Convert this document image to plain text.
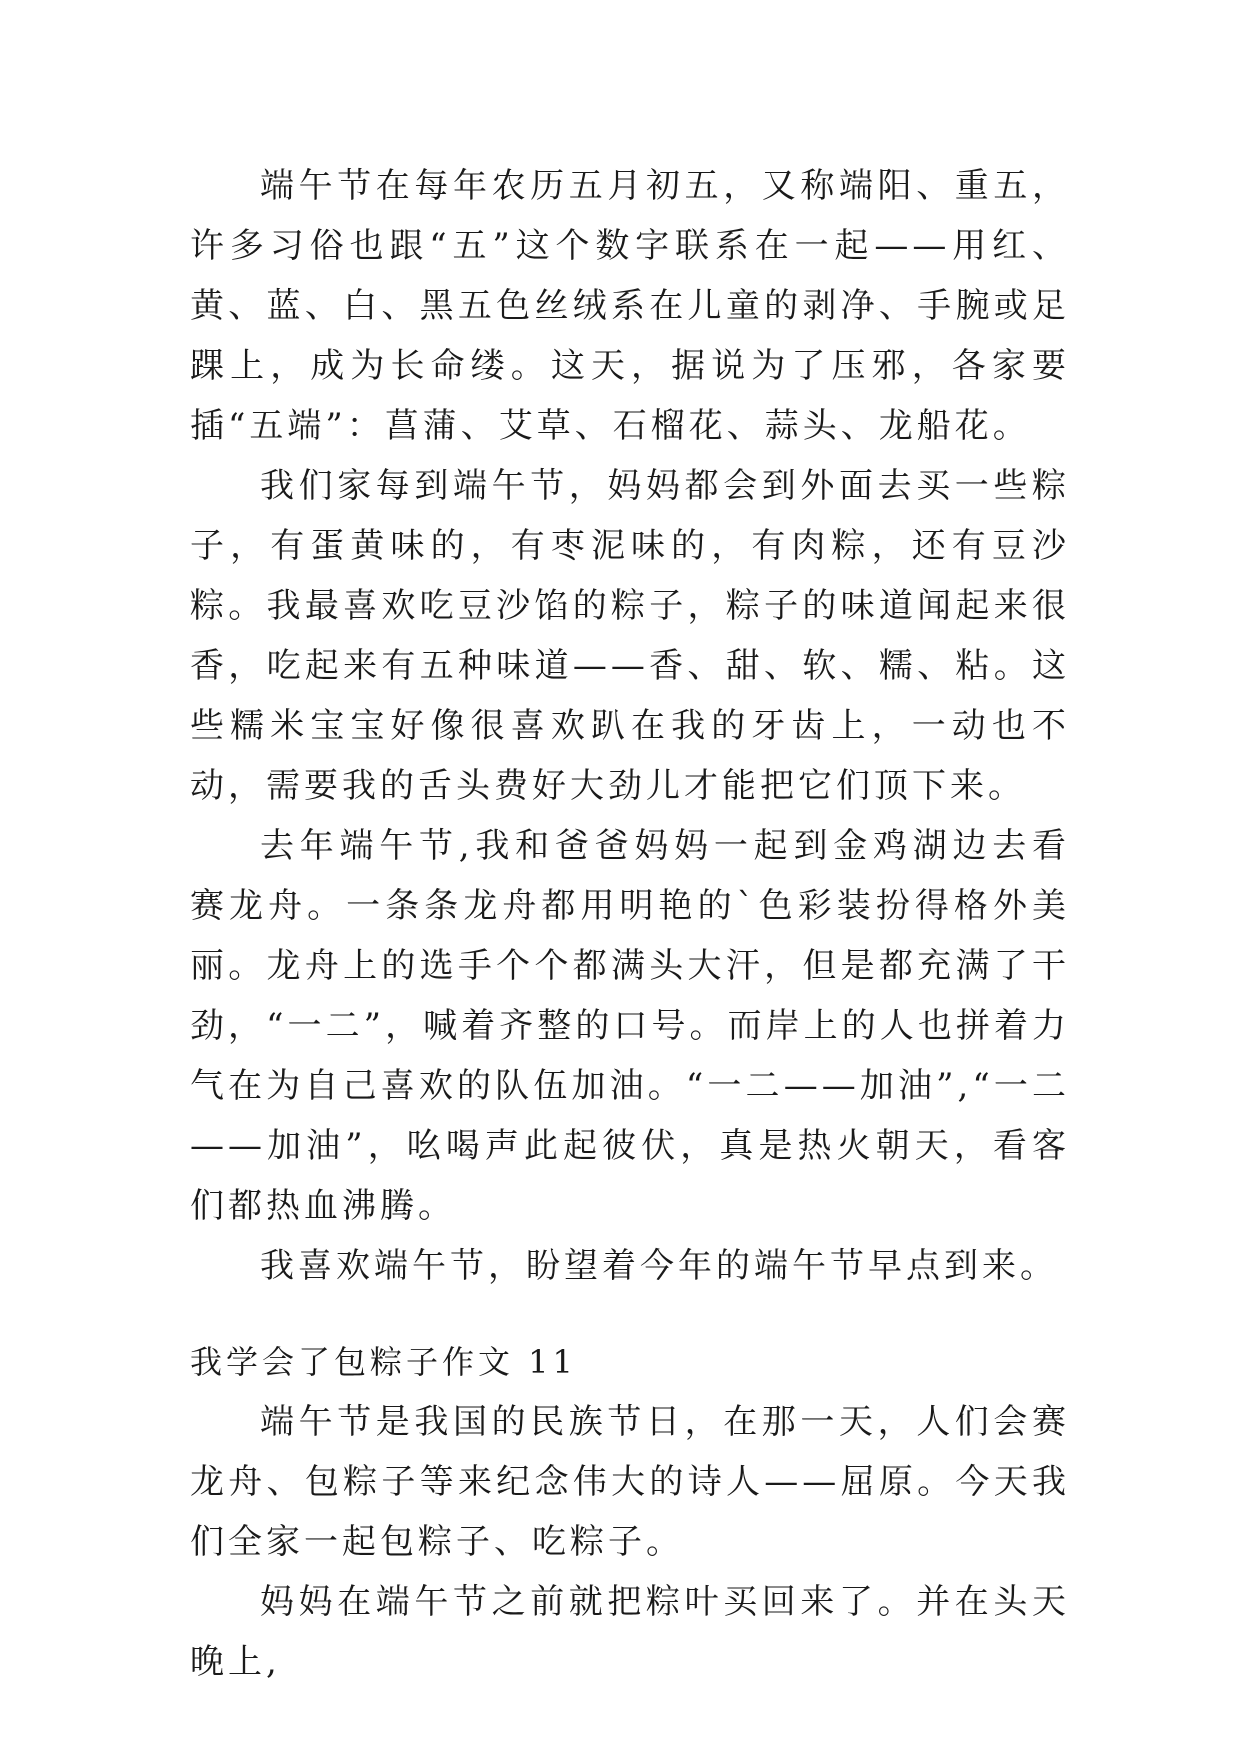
端午节在每年农历五月初五，又称端阳、重五，许多习俗也跟“五”这个数字联系在一起——用红、黄、蓝、白、黑五色丝绒系在儿童的剥净、手腕或足踝上，成为长命缕。这天，据说为了压邪，各家要插“五端”：菖蒲、艾草、石榴花、蒜头、龙船花。

我们家每到端午节，妈妈都会到外面去买一些粽子，有蛋黄味的，有枣泥味的，有肉粽，还有豆沙粽。我最喜欢吃豆沙馅的粽子，粽子的味道闻起来很香，吃起来有五种味道——香、甜、软、糯、粘。这些糯米宝宝好像很喜欢趴在我的牙齿上，一动也不动，需要我的舌头费好大劲儿才能把它们顶下来。

去年端午节,我和爸爸妈妈一起到金鸡湖边去看赛龙舟。一条条龙舟都用明艳的`色彩装扮得格外美丽。龙舟上的选手个个都满头大汗，但是都充满了干劲，“一二”，喊着齐整的口号。而岸上的人也拼着力气在为自己喜欢的队伍加油。“一二——加油”,“一二——加油”，吆喝声此起彼伏，真是热火朝天，看客们都热血沸腾。

我喜欢端午节，盼望着今年的端午节早点到来。

我学会了包粽子作文 11

端午节是我国的民族节日，在那一天，人们会赛龙舟、包粽子等来纪念伟大的诗人——屈原。今天我们全家一起包粽子、吃粽子。

妈妈在端午节之前就把粽叶买回来了。并在头天晚上,
